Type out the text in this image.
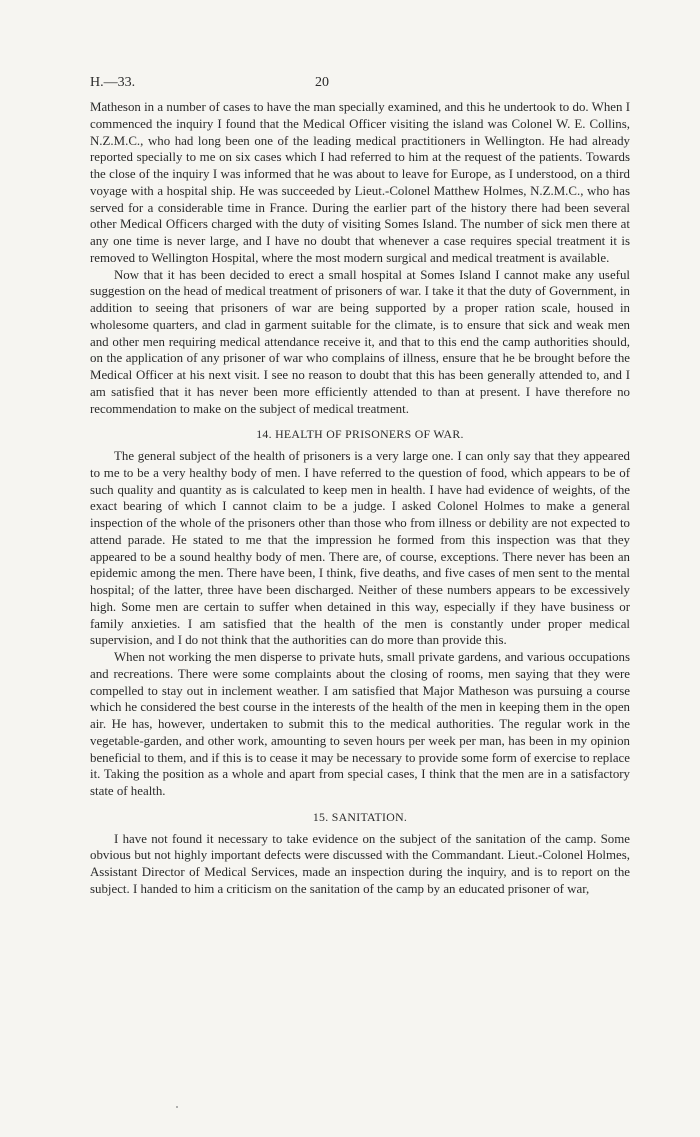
H.—33.	20

Matheson in a number of cases to have the man specially examined, and this he undertook to do. When I commenced the inquiry I found that the Medical Officer visiting the island was Colonel W. E. Collins, N.Z.M.C., who had long been one of the leading medical practitioners in Wellington. He had already reported specially to me on six cases which I had referred to him at the request of the patients. Towards the close of the inquiry I was informed that he was about to leave for Europe, as I understood, on a third voyage with a hospital ship. He was succeeded by Lieut.-Colonel Matthew Holmes, N.Z.M.C., who has served for a considerable time in France. During the earlier part of the history there had been several other Medical Officers charged with the duty of visiting Somes Island. The number of sick men there at any one time is never large, and I have no doubt that whenever a case requires special treatment it is removed to Wellington Hospital, where the most modern surgical and medical treatment is available.

Now that it has been decided to erect a small hospital at Somes Island I cannot make any useful suggestion on the head of medical treatment of prisoners of war. I take it that the duty of Government, in addition to seeing that prisoners of war are being supported by a proper ration scale, housed in wholesome quarters, and clad in garment suitable for the climate, is to ensure that sick and weak men and other men requiring medical attendance receive it, and that to this end the camp authorities should, on the application of any prisoner of war who complains of illness, ensure that he be brought before the Medical Officer at his next visit. I see no reason to doubt that this has been generally attended to, and I am satisfied that it has never been more efficiently attended to than at present. I have therefore no recommendation to make on the subject of medical treatment.

14. HEALTH OF PRISONERS OF WAR.

The general subject of the health of prisoners is a very large one. I can only say that they appeared to me to be a very healthy body of men. I have referred to the question of food, which appears to be of such quality and quantity as is calculated to keep men in health. I have had evidence of weights, of the exact bearing of which I cannot claim to be a judge. I asked Colonel Holmes to make a general inspection of the whole of the prisoners other than those who from illness or debility are not expected to attend parade. He stated to me that the impression he formed from this inspection was that they appeared to be a sound healthy body of men. There are, of course, exceptions. There never has been an epidemic among the men. There have been, I think, five deaths, and five cases of men sent to the mental hospital; of the latter, three have been discharged. Neither of these numbers appears to be excessively high. Some men are certain to suffer when detained in this way, especially if they have business or family anxieties. I am satisfied that the health of the men is constantly under proper medical supervision, and I do not think that the authorities can do more than provide this.

When not working the men disperse to private huts, small private gardens, and various occupations and recreations. There were some complaints about the closing of rooms, men saying that they were compelled to stay out in inclement weather. I am satisfied that Major Matheson was pursuing a course which he considered the best course in the interests of the health of the men in keeping them in the open air. He has, however, undertaken to submit this to the medical authorities. The regular work in the vegetable-garden, and other work, amounting to seven hours per week per man, has been in my opinion beneficial to them, and if this is to cease it may be necessary to provide some form of exercise to replace it. Taking the position as a whole and apart from special cases, I think that the men are in a satisfactory state of health.

15. SANITATION.

I have not found it necessary to take evidence on the subject of the sanitation of the camp. Some obvious but not highly important defects were discussed with the Commandant. Lieut.-Colonel Holmes, Assistant Director of Medical Services, made an inspection during the inquiry, and is to report on the subject. I handed to him a criticism on the sanitation of the camp by an educated prisoner of war,
